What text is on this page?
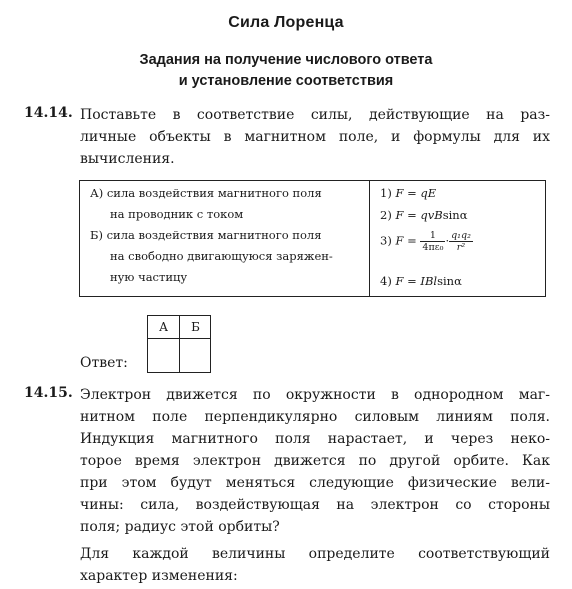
Сила Лоренца
Задания на получение числового ответа
и установление соответствия
14.14. Поставьте в соответствие силы, действующие на раз-
личные объекты в магнитном поле, и формулы для их
вычисления.
А) сила воздействия магнитного поля
на проводник с током
Б) сила воздействия магнитного поля
на свободно двигающуюся заряжен-
ную частицу
1) F = qE
2) F = qvBsinα
3) $F = \frac{1}{\text{4πε₀}} \cdot \frac{\text{q₁q₂}}{\text{r²}}$
4) F = IBlsinα
А	Б
Ответ:
14.15. Электрон движется по окружности в однородном маг-
нитном поле перпендикулярно силовым линиям поля.
Индукция магнитного поля нарастает, и через неко-
торое время электрон движется по другой орбите. Как
при этом будут меняться следующие физические вели-
чины: сила, воздействующая на электрон со стороны
поля; радиус этой орбиты?
Для каждой величины определите соответствующий
характер изменения:
